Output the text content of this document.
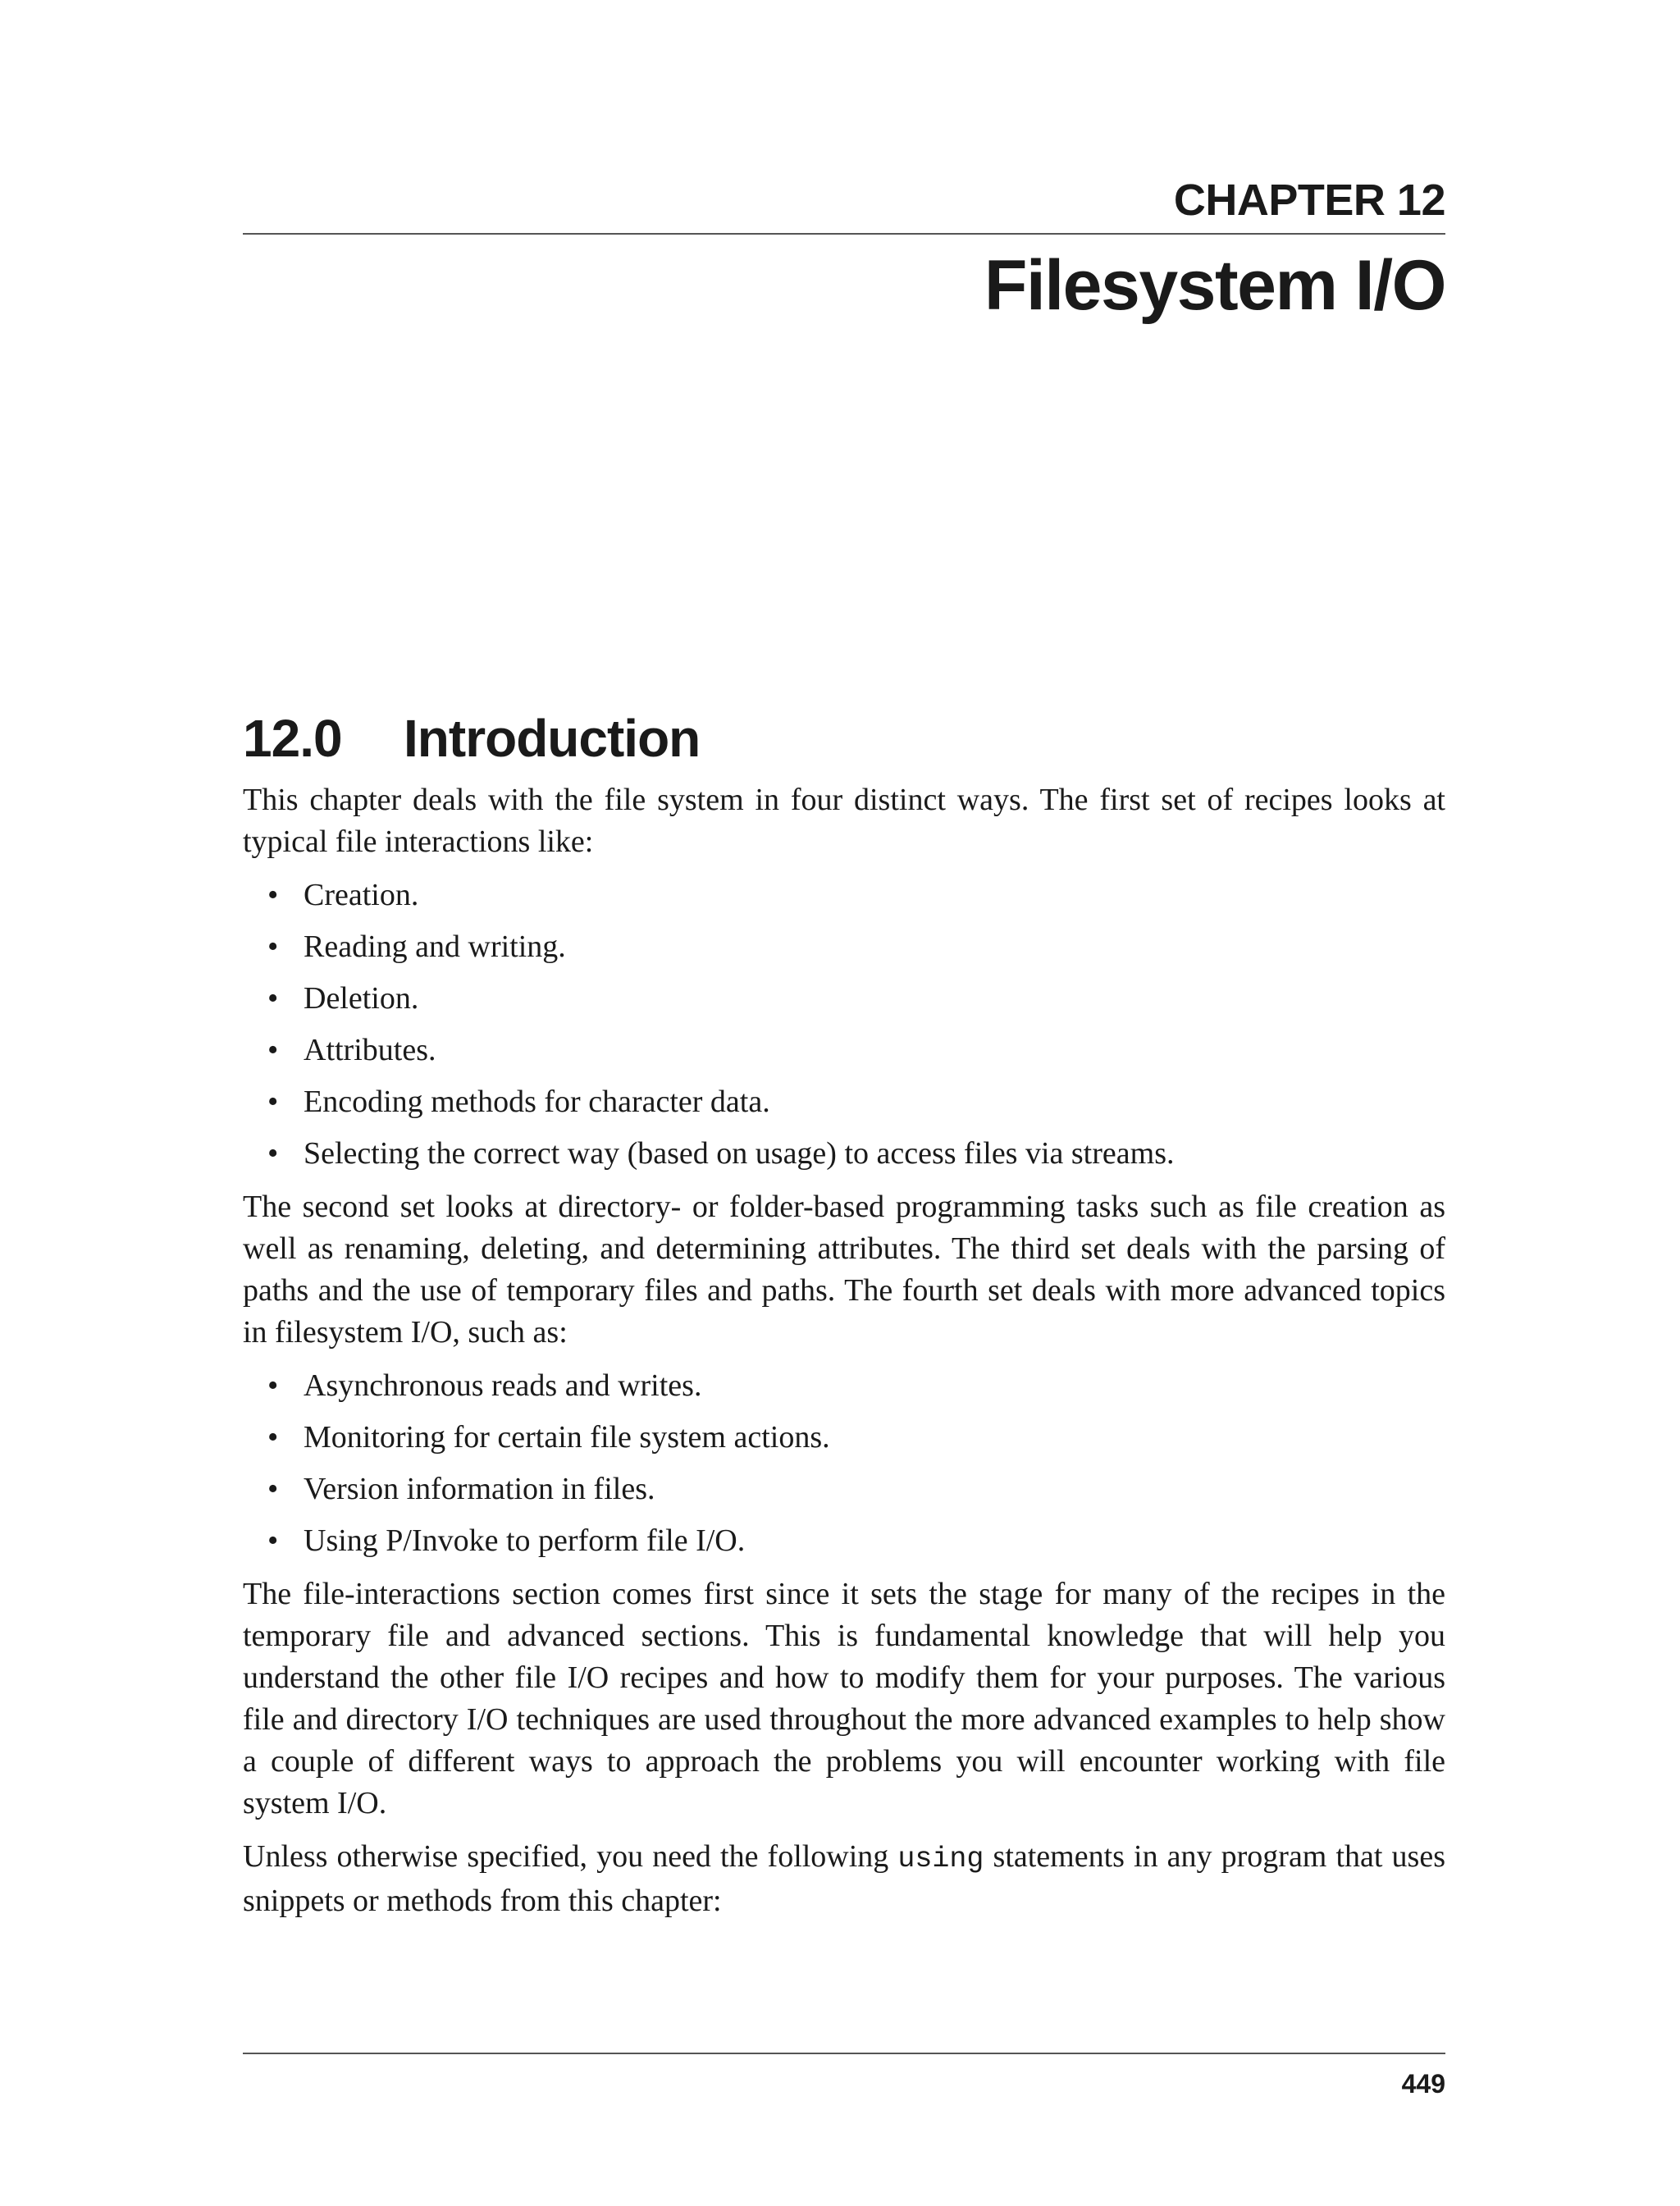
CHAPTER 12
Filesystem I/O
12.0 Introduction

This chapter deals with the file system in four distinct ways. The first set of recipes looks at typical file interactions like:

• Creation.
• Reading and writing.
• Deletion.
• Attributes.
• Encoding methods for character data.
• Selecting the correct way (based on usage) to access files via streams.

The second set looks at directory- or folder-based programming tasks such as file creation as well as renaming, deleting, and determining attributes. The third set deals with the parsing of paths and the use of temporary files and paths. The fourth set deals with more advanced topics in filesystem I/O, such as:

• Asynchronous reads and writes.
• Monitoring for certain file system actions.
• Version information in files.
• Using P/Invoke to perform file I/O.

The file-interactions section comes first since it sets the stage for many of the recipes in the temporary file and advanced sections. This is fundamental knowledge that will help you understand the other file I/O recipes and how to modify them for your purposes. The various file and directory I/O techniques are used throughout the more advanced examples to help show a couple of different ways to approach the problems you will encounter working with file system I/O.

Unless otherwise specified, you need the following using statements in any program that uses snippets or methods from this chapter:

449
